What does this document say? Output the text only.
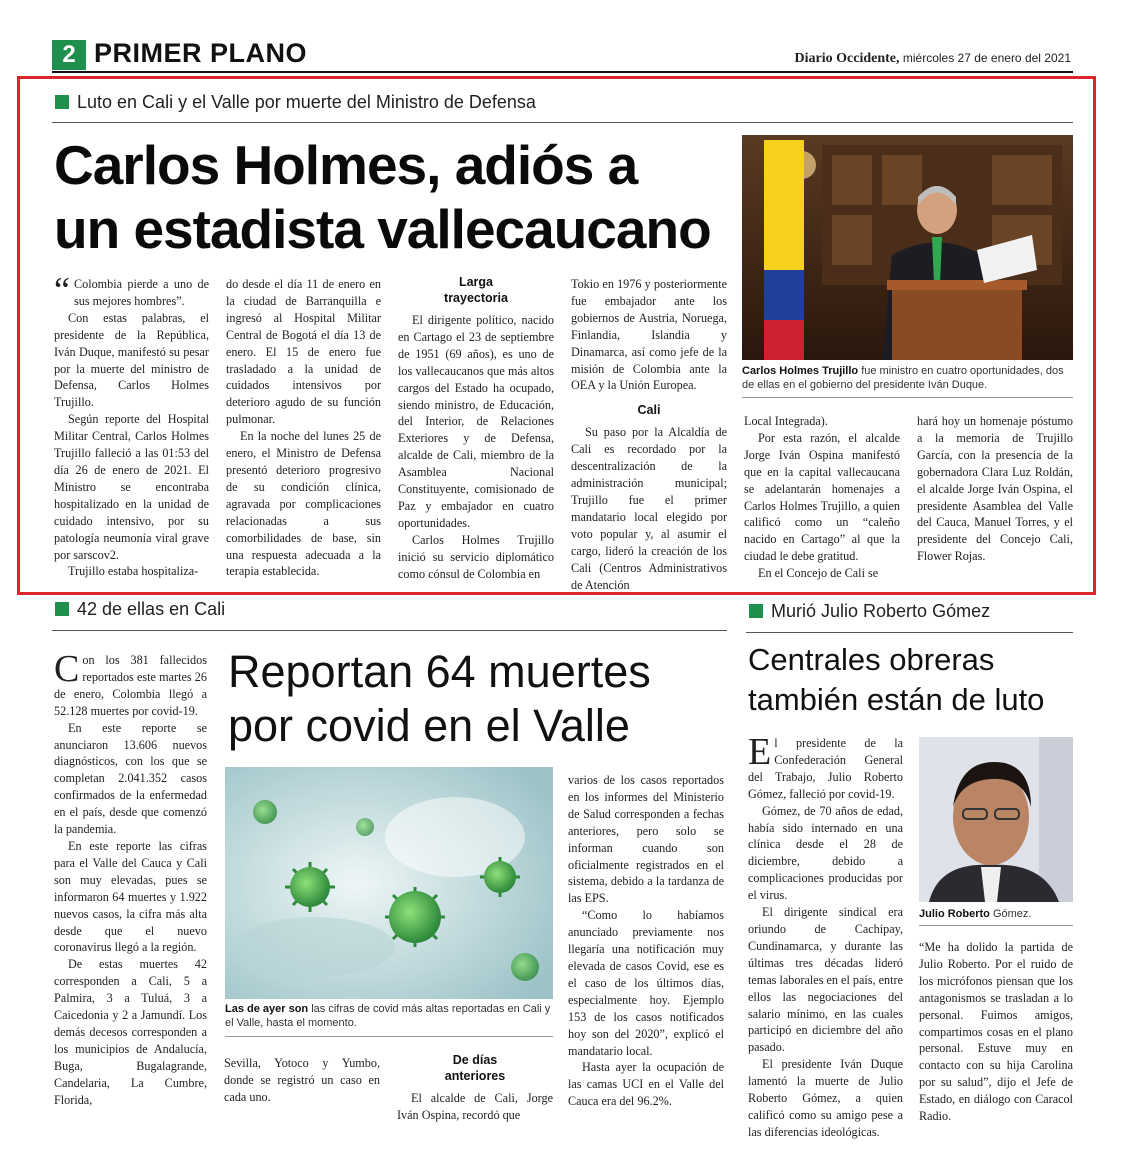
2 PRIMER PLANO	Diario Occidente, miércoles 27 de enero del 2021
Luto en Cali y el Valle por muerte del Ministro de Defensa
Carlos Holmes, adiós a
un estadista vallecaucano
Carlos Holmes Trujillo fue ministro en cuatro oportunidades, dos de ellas en el gobierno del presidente Iván Duque.

“ Colombia pierde a uno de sus mejores hombres”.

Con estas palabras, el presidente de la República, Iván Duque, manifestó su pesar por la muerte del ministro de Defensa, Carlos Holmes Trujillo.

Según reporte del Hospital Militar Central, Carlos Holmes Trujillo falleció a las 01:53 del día 26 de enero de 2021. El Ministro se encontraba hospitalizado en la unidad de cuidado intensivo, por su patología neumonía viral grave por sarscov2.

Trujillo estaba hospitaliza-

do desde el día 11 de enero en la ciudad de Barranquilla e ingresó al Hospital Militar Central de Bogotá el día 13 de enero. El 15 de enero fue trasladado a la unidad de cuidados intensivos por deterioro agudo de su función pulmonar.

En la noche del lunes 25 de enero, el Ministro de Defensa presentó deterioro progresivo de su condición clínica, agravada por complicaciones relacionadas a sus comorbilidades de base, sin una respuesta adecuada a la terapia establecida.

Larga
trayectoria

El dirigente político, nacido en Cartago el 23 de septiembre de 1951 (69 años), es uno de los vallecaucanos que más altos cargos del Estado ha ocupado, siendo ministro, de Educación, del Interior, de Relaciones Exteriores y de Defensa, alcalde de Cali, miembro de la Asamblea Nacional Constituyente, comisionado de Paz y embajador en cuatro oportunidades.

Carlos Holmes Trujillo inició su servicio diplomático como cónsul de Colombia en

Tokio en 1976 y posteriormente fue embajador ante los gobiernos de Austria, Noruega, Finlandia, Islandia y Dinamarca, así como jefe de la misión de Colombia ante la OEA y la Unión Europea.

Cali

Su paso por la Alcaldía de Cali es recordado por la descentralización de la administración municipal; Trujillo fue el primer mandatario local elegido por voto popular y, al asumir el cargo, lideró la creación de los Cali (Centros Administrativos de Atención

Local Integrada).

Por esta razón, el alcalde Jorge Iván Ospina manifestó que en la capital vallecaucana se adelantarán homenajes a Carlos Holmes Trujillo, a quien calificó como un “caleño nacido en Cartago” al que la ciudad le debe gratitud.

En el Concejo de Cali se

hará hoy un homenaje póstumo a la memoria de Trujillo García, con la presencia de la gobernadora Clara Luz Roldán, el alcalde Jorge Iván Ospina, el presidente Asamblea del Valle del Cauca, Manuel Torres, y el presidente del Concejo Cali, Flower Rojas.

42 de ellas en Cali
Reportan 64 muertes
por covid en el Valle

Con los 381 fallecidos reportados este martes 26 de enero, Colombia llegó a 52.128 muertes por covid-19.

En este reporte se anunciaron 13.606 nuevos diagnósticos, con los que se completan 2.041.352 casos confirmados de la enfermedad en el país, desde que comenzó la pandemia.

En este reporte las cifras para el Valle del Cauca y Cali son muy elevadas, pues se informaron 64 muertes y 1.922 nuevos casos, la cifra más alta desde que el nuevo coronavirus llegó a la región.

De estas muertes 42 corresponden a Cali, 5 a Palmira, 3 a Tuluá, 3 a Caicedonia y 2 a Jamundí. Los demás decesos corresponden a los municipios de Andalucía, Buga, Bugalagrande, Candelaria, La Cumbre, Florida,

Las de ayer son las cifras de covid más altas reportadas en Cali y el Valle, hasta el momento.

Sevilla, Yotoco y Yumbo, donde se registró un caso en cada uno.

De días
anteriores

El alcalde de Cali, Jorge Iván Ospina, recordó que

varios de los casos reportados en los informes del Ministerio de Salud corresponden a fechas anteriores, pero solo se informan cuando son oficialmente registrados en el sistema, debido a la tardanza de las EPS.

“Como lo habíamos anunciado previamente nos llegaría una notificación muy elevada de casos Covid, ese es el caso de los últimos días, especialmente hoy. Ejemplo 153 de los casos notificados hoy son del 2020”, explicó el mandatario local.

Hasta ayer la ocupación de las camas UCI en el Valle del Cauca era del 96.2%.

Murió Julio Roberto Gómez
Centrales obreras
también están de luto

El presidente de la Confederación General del Trabajo, Julio Roberto Gómez, falleció por covid-19.

Gómez, de 70 años de edad, había sido internado en una clínica desde el 28 de diciembre, debido a complicaciones producidas por el virus.

El dirigente sindical era oriundo de Cachipay, Cundinamarca, y durante las últimas tres décadas lideró temas laborales en el país, entre ellos las negociaciones del salario mínimo, en las cuales participó en diciembre del año pasado.

El presidente Iván Duque lamentó la muerte de Julio Roberto Gómez, a quien calificó como su amigo pese a las diferencias ideológicas.

Julio Roberto Gómez.

“Me ha dolido la partida de Julio Roberto. Por el ruido de los micrófonos piensan que los antagonismos se trasladan a lo personal. Fuimos amigos, compartimos cosas en el plano personal. Estuve muy en contacto con su hija Carolina por su salud”, dijo el Jefe de Estado, en diálogo con Caracol Radio.
